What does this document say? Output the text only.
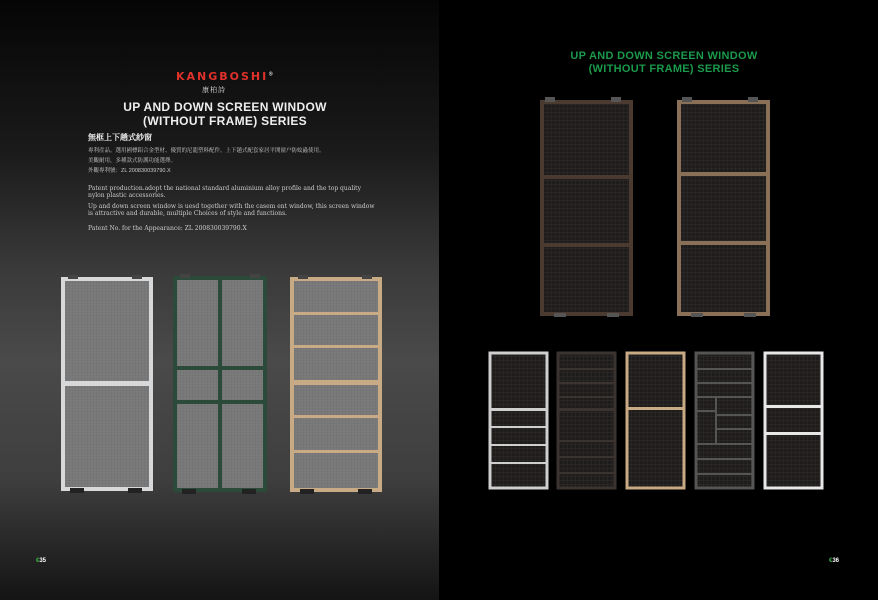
KANGBOSHI®
康柏詩
UP AND DOWN SCREEN WINDOW
(WITHOUT FRAME) SERIES
無框上下趟式紗窗
專利産品。選用國標鋁合金型材、優質的尼龍塑料配件。上下趟式配套家居平開窗户防蚊蟲使用。
美觀耐用，多種款式防護功能選擇。
外觀專利號：ZL 200830039790.X
Patent production.adopt the national standard aluminium alloy profile and the top quality nylon plastic accessories.
Up and down screen window is uesd together with the casem ent window, this screen window is attractive and durable, multiple Choices of style and functions.
Patent No. for the Appearance: ZL 200830039790.X
€35
UP AND DOWN SCREEN WINDOW
(WITHOUT FRAME) SERIES
€36
